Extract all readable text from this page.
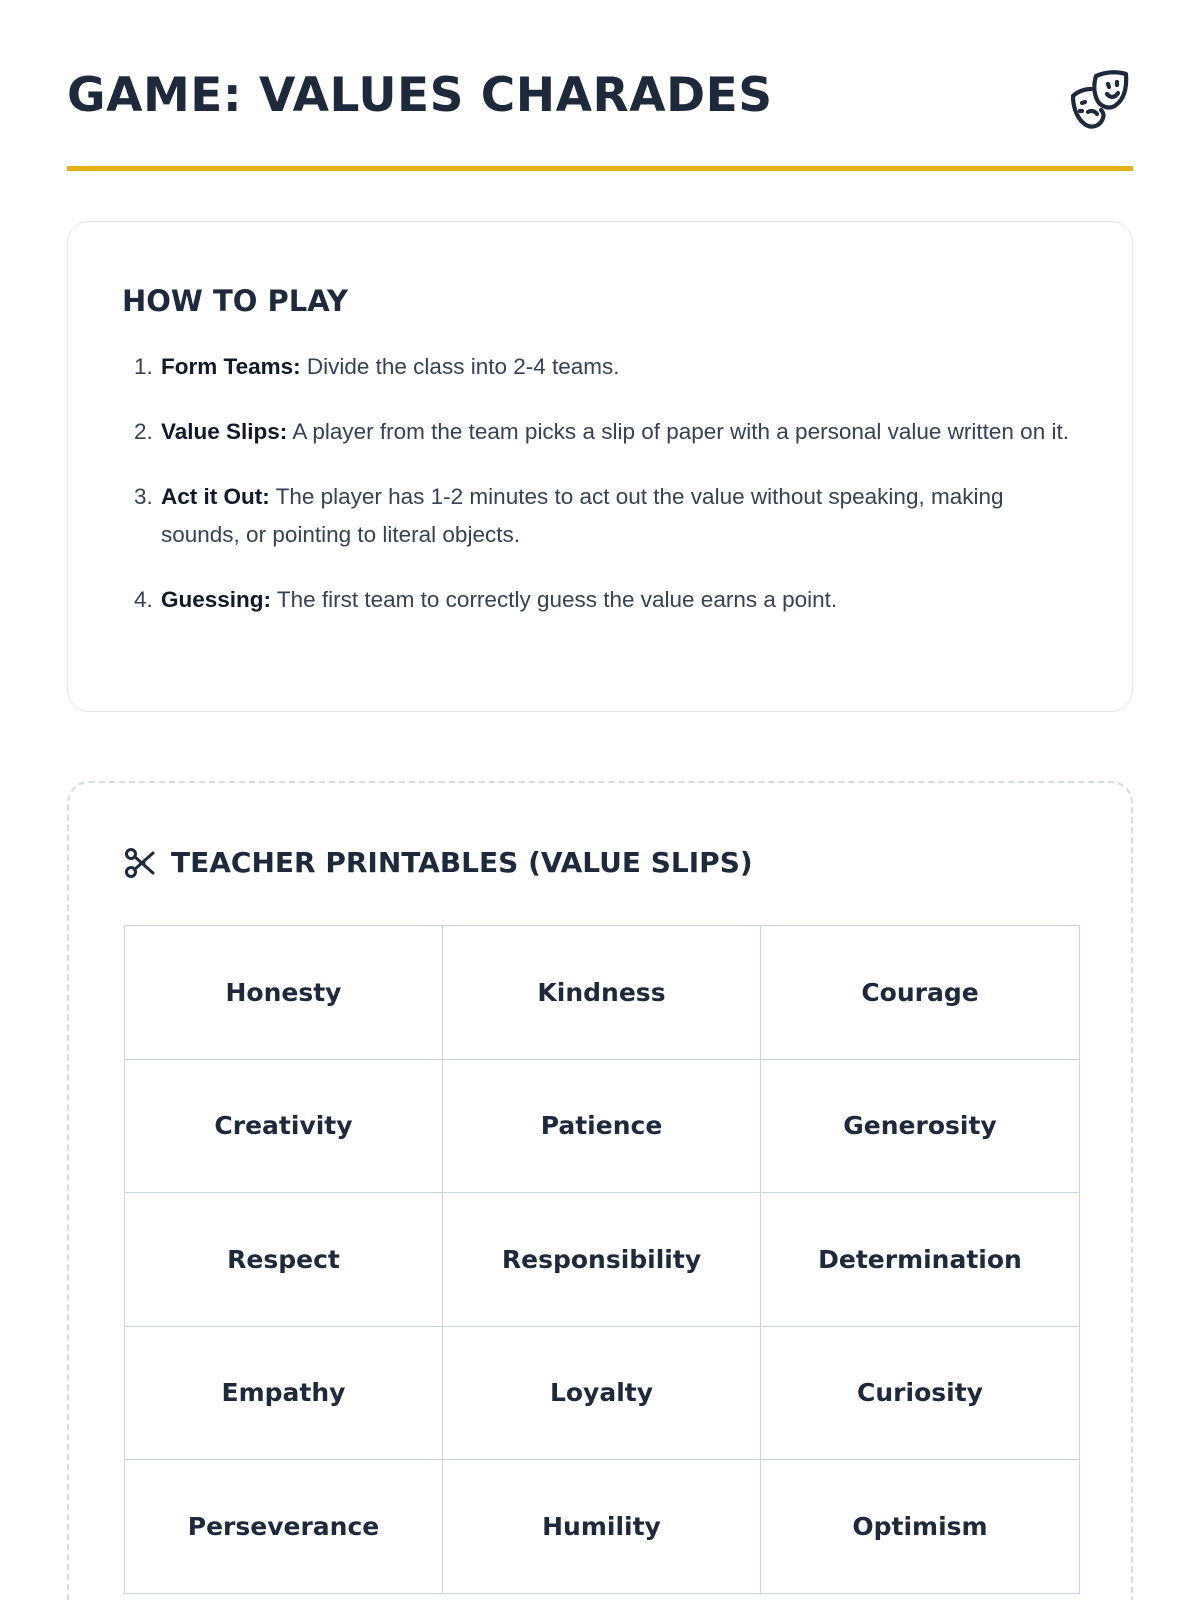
GAME: VALUES CHARADES
HOW TO PLAY
1. Form Teams: Divide the class into 2-4 teams.
2. Value Slips: A player from the team picks a slip of paper with a personal value written on it.
3. Act it Out: The player has 1-2 minutes to act out the value without speaking, making sounds, or pointing to literal objects.
4. Guessing: The first team to correctly guess the value earns a point.
TEACHER PRINTABLES (VALUE SLIPS)
Honesty	Kindness	Courage
Creativity	Patience	Generosity
Respect	Responsibility	Determination
Empathy	Loyalty	Curiosity
Perseverance	Humility	Optimism
